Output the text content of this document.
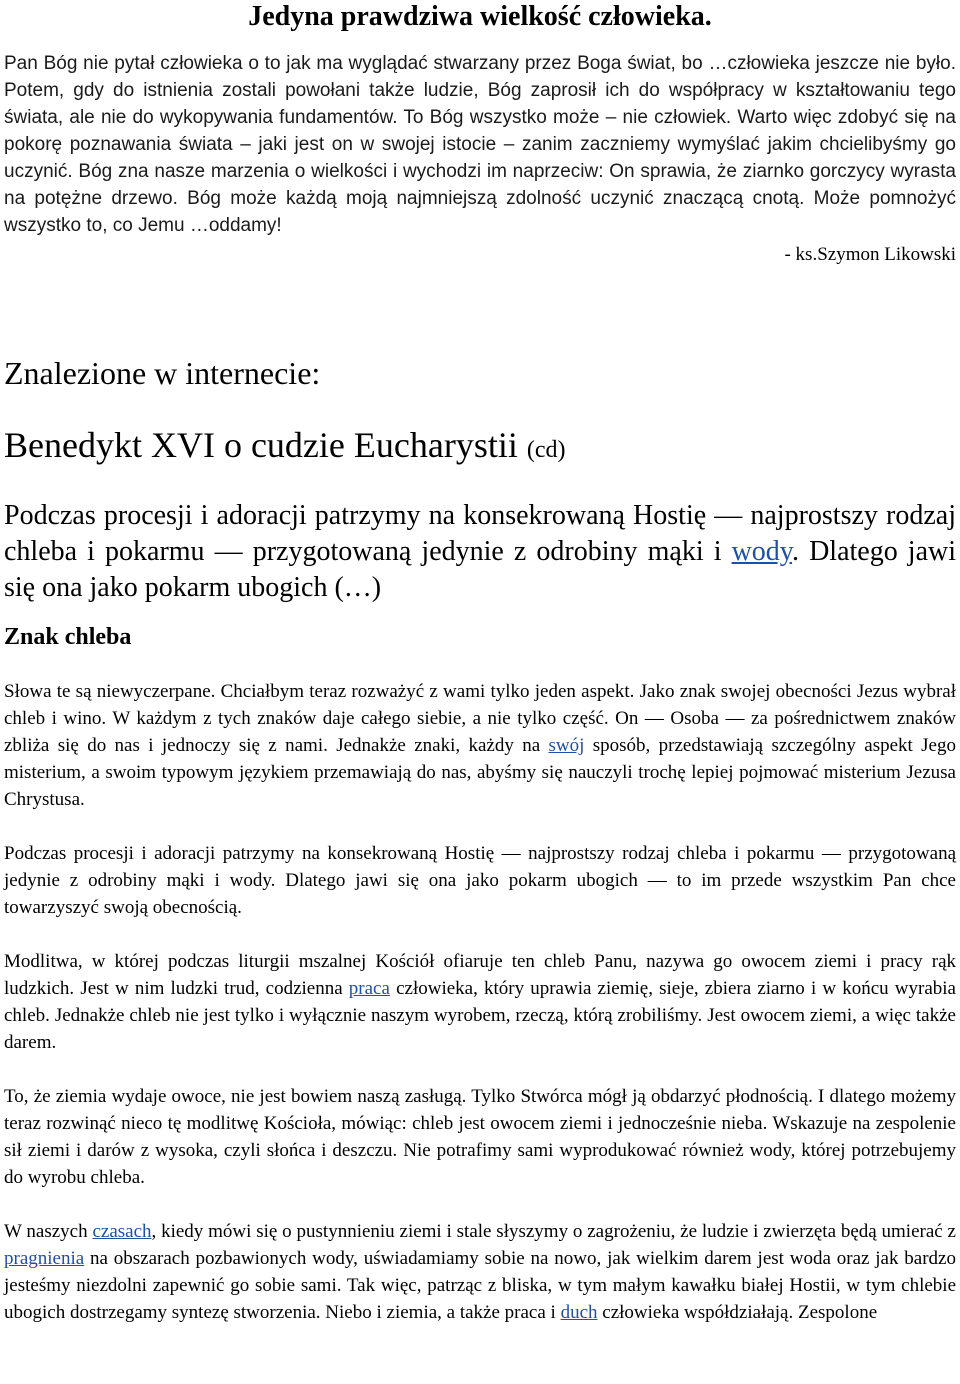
Jedyna prawdziwa wielkość człowieka.

Pan Bóg nie pytał człowieka o to jak ma wyglądać stwarzany przez Boga świat, bo …człowieka jeszcze nie było. Potem, gdy do istnienia zostali powołani także ludzie, Bóg zaprosił ich do współpracy w kształtowaniu tego świata, ale nie do wykopywania fundamentów. To Bóg wszystko może – nie człowiek. Warto więc zdobyć się na pokorę poznawania świata – jaki jest on w swojej istocie – zanim zaczniemy wymyślać jakim chcielibyśmy go uczynić. Bóg zna nasze marzenia o wielkości i wychodzi im naprzeciw: On sprawia, że ziarnko gorczycy wyrasta na potężne drzewo. Bóg może każdą moją najmniejszą zdolność uczynić znaczącą cnotą. Może pomnożyć wszystko to, co Jemu …oddamy!

- ks.Szymon Likowski

Znalezione w internecie:
Benedykt XVI o cudzie Eucharystii (cd)

Podczas procesji i adoracji patrzymy na konsekrowaną Hostię — najprostszy rodzaj chleba i pokarmu — przygotowaną jedynie z odrobiny mąki i wody. Dlatego jawi się ona jako pokarm ubogich (…)

Znak chleba

Słowa te są niewyczerpane. Chciałbym teraz rozważyć z wami tylko jeden aspekt. Jako znak swojej obecności Jezus wybrał chleb i wino. W każdym z tych znaków daje całego siebie, a nie tylko część. On — Osoba — za pośrednictwem znaków zbliża się do nas i jednoczy się z nami. Jednakże znaki, każdy na swój sposób, przedstawiają szczególny aspekt Jego misterium, a swoim typowym językiem przemawiają do nas, abyśmy się nauczyli trochę lepiej pojmować misterium Jezusa Chrystusa.

Podczas procesji i adoracji patrzymy na konsekrowaną Hostię — najprostszy rodzaj chleba i pokarmu — przygotowaną jedynie z odrobiny mąki i wody. Dlatego jawi się ona jako pokarm ubogich — to im przede wszystkim Pan chce towarzyszyć swoją obecnością.

Modlitwa, w której podczas liturgii mszalnej Kościół ofiaruje ten chleb Panu, nazywa go owocem ziemi i pracy rąk ludzkich. Jest w nim ludzki trud, codzienna praca człowieka, który uprawia ziemię, sieje, zbiera ziarno i w końcu wyrabia chleb. Jednakże chleb nie jest tylko i wyłącznie naszym wyrobem, rzeczą, którą zrobiliśmy. Jest owocem ziemi, a więc także darem.

To, że ziemia wydaje owoce, nie jest bowiem naszą zasługą. Tylko Stwórca mógł ją obdarzyć płodnością. I dlatego możemy teraz rozwinąć nieco tę modlitwę Kościoła, mówiąc: chleb jest owocem ziemi i jednocześnie nieba. Wskazuje na zespolenie sił ziemi i darów z wysoka, czyli słońca i deszczu. Nie potrafimy sami wyprodukować również wody, której potrzebujemy do wyrobu chleba.

W naszych czasach, kiedy mówi się o pustynnieniu ziemi i stale słyszymy o zagrożeniu, że ludzie i zwierzęta będą umierać z pragnienia na obszarach pozbawionych wody, uświadamiamy sobie na nowo, jak wielkim darem jest woda oraz jak bardzo jesteśmy niezdolni zapewnić go sobie sami. Tak więc, patrząc z bliska, w tym małym kawałku białej Hostii, w tym chlebie ubogich dostrzegamy syntezę stworzenia. Niebo i ziemia, a także praca i duch człowieka współdziałają. Zespolone
